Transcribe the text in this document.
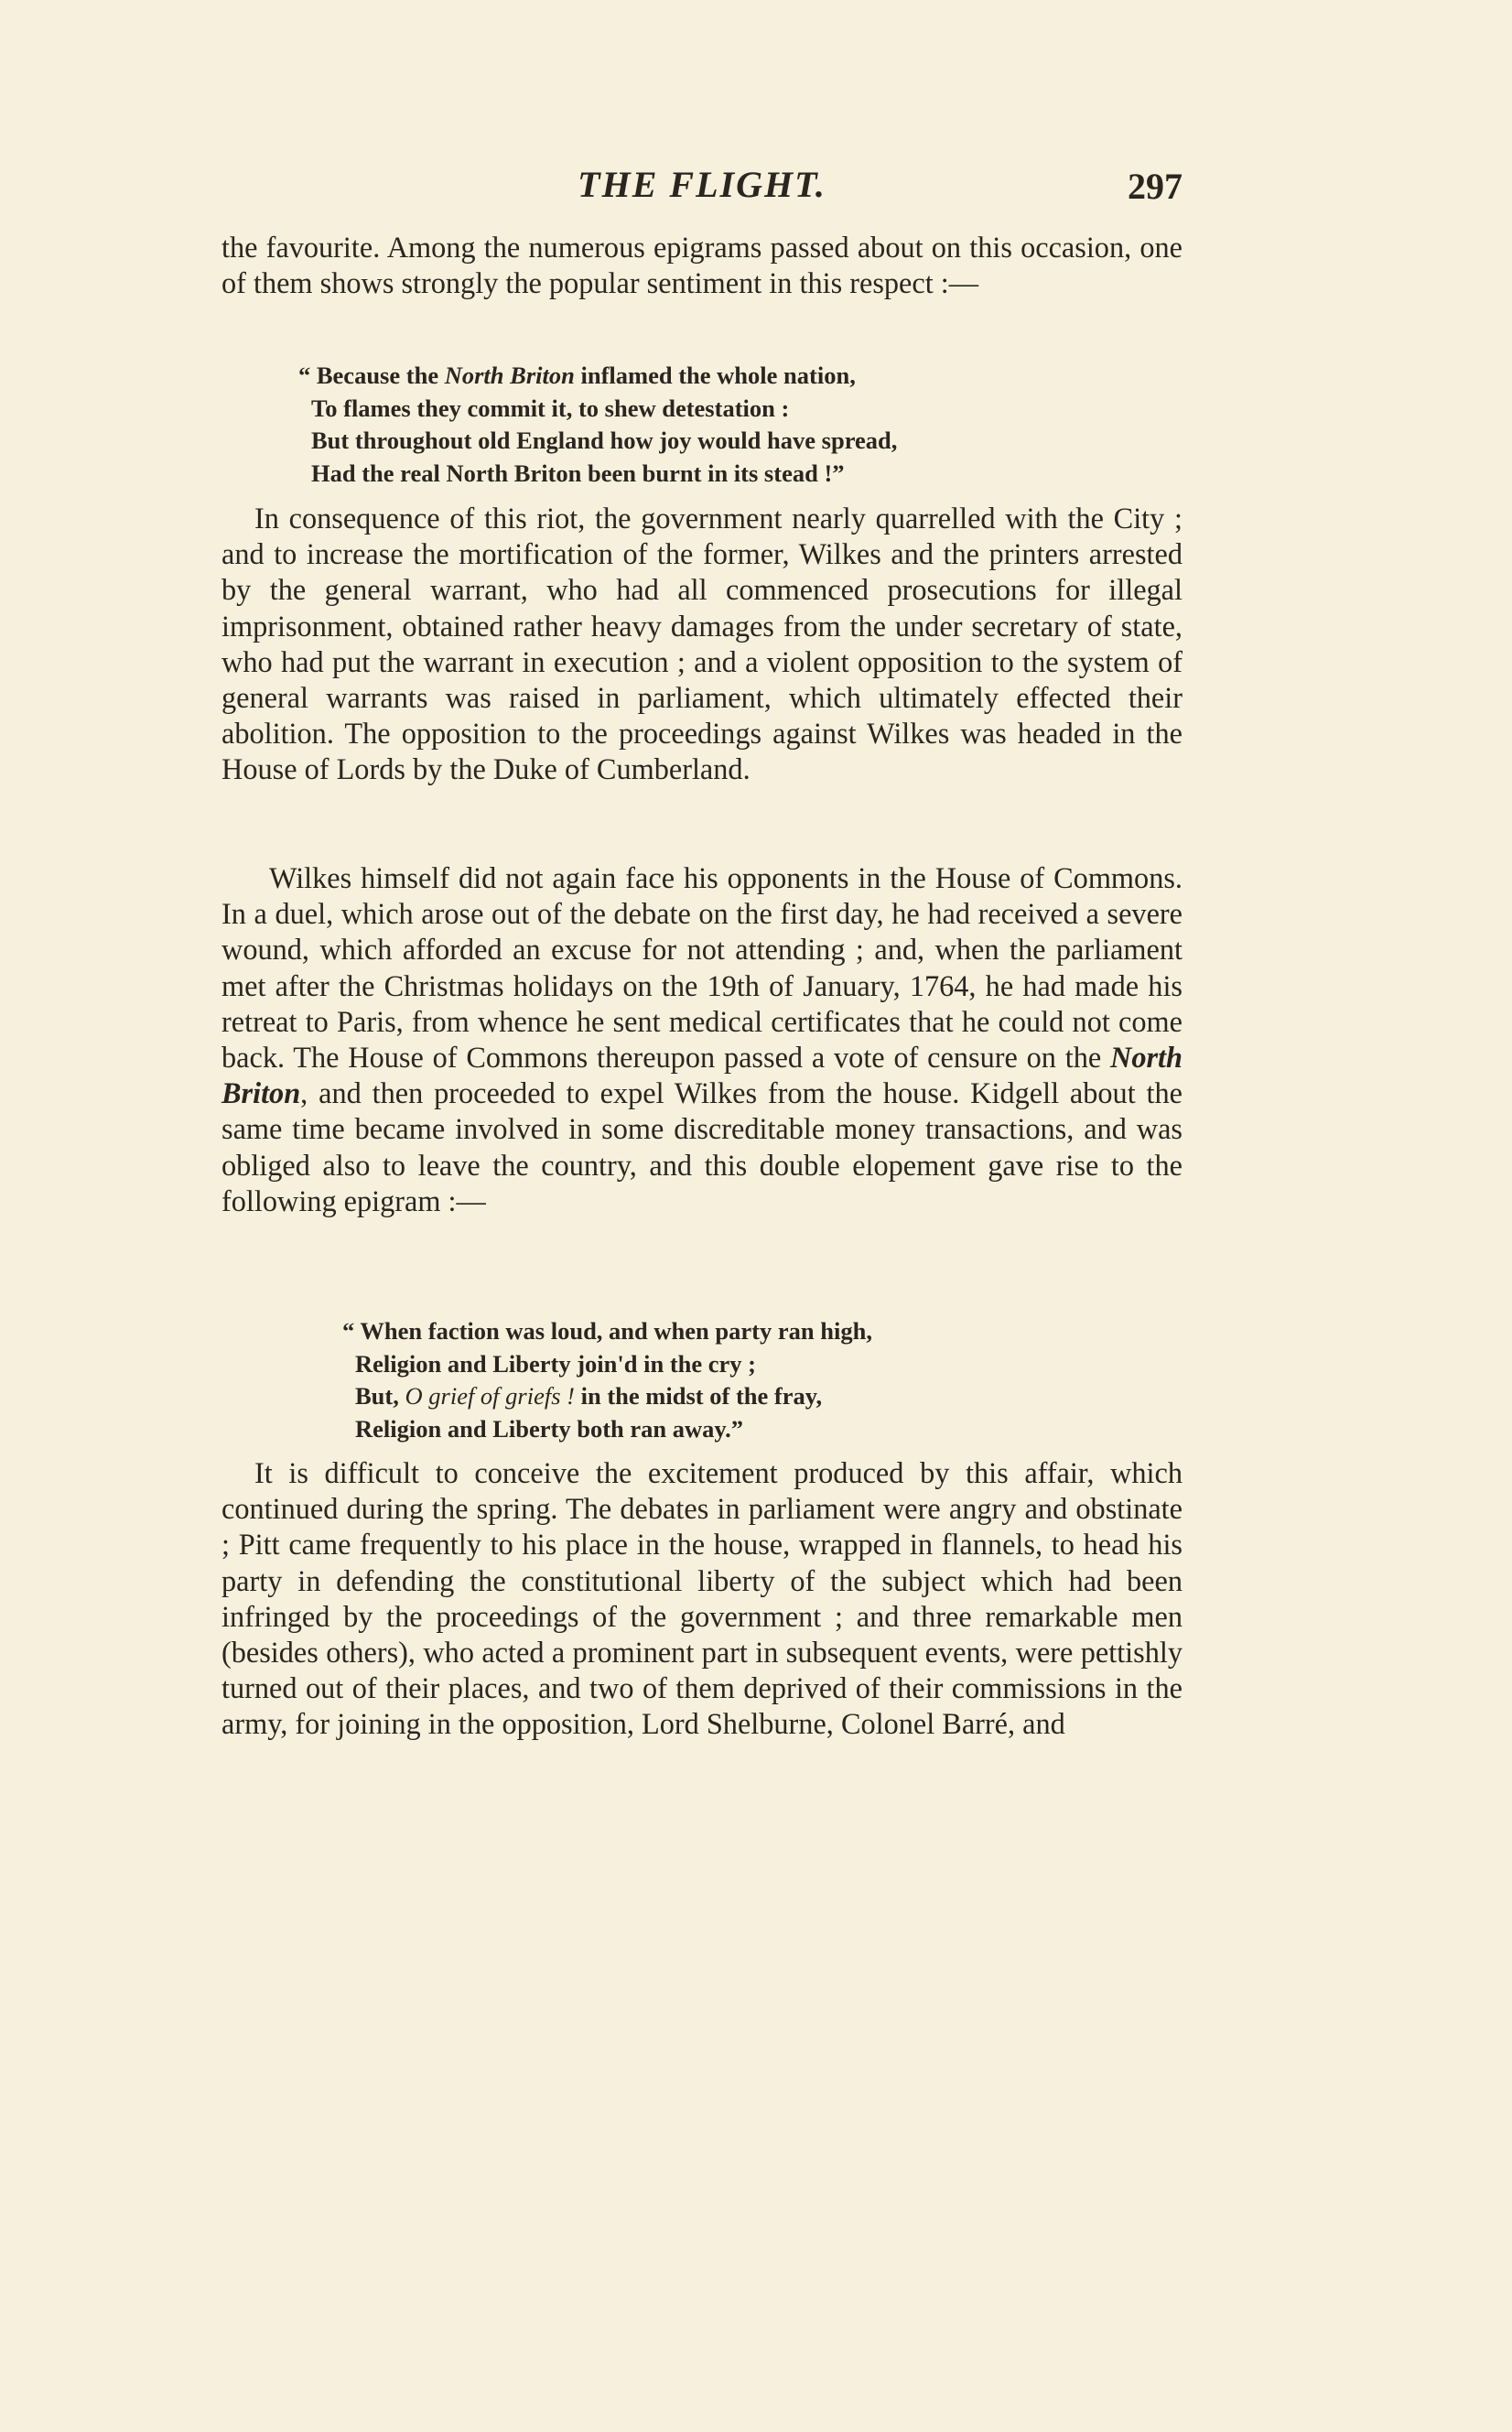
THE FLIGHT.	297

the favourite. Among the numerous epigrams passed about on this occasion, one of them shows strongly the popular sentiment in this respect :—

“ Because the North Briton inflamed the whole nation,
To flames they commit it, to shew detestation :
But throughout old England how joy would have spread,
Had the real North Briton been burnt in its stead !”

In consequence of this riot, the government nearly quarrelled with the City ; and to increase the mortification of the former, Wilkes and the printers arrested by the general warrant, who had all commenced prosecutions for illegal imprisonment, obtained rather heavy damages from the under secretary of state, who had put the warrant in execution ; and a violent opposition to the system of general warrants was raised in parliament, which ultimately effected their abolition. The opposition to the proceedings against Wilkes was headed in the House of Lords by the Duke of Cumberland.

Wilkes himself did not again face his opponents in the House of Commons. In a duel, which arose out of the debate on the first day, he had received a severe wound, which afforded an excuse for not attending ; and, when the parliament met after the Christmas holidays on the 19th of January, 1764, he had made his retreat to Paris, from whence he sent medical certificates that he could not come back. The House of Commons thereupon passed a vote of censure on the North Briton, and then proceeded to expel Wilkes from the house. Kidgell about the same time became involved in some discreditable money transactions, and was obliged also to leave the country, and this double elopement gave rise to the following epigram :—

“ When faction was loud, and when party ran high,
Religion and Liberty join'd in the cry ;
But, O grief of griefs ! in the midst of the fray,
Religion and Liberty both ran away.”

It is difficult to conceive the excitement produced by this affair, which continued during the spring. The debates in parliament were angry and obstinate ; Pitt came frequently to his place in the house, wrapped in flannels, to head his party in defending the constitutional liberty of the subject which had been infringed by the proceedings of the government ; and three remarkable men (besides others), who acted a prominent part in subsequent events, were pettishly turned out of their places, and two of them deprived of their commissions in the army, for joining in the opposition, Lord Shelburne, Colonel Barré, and
